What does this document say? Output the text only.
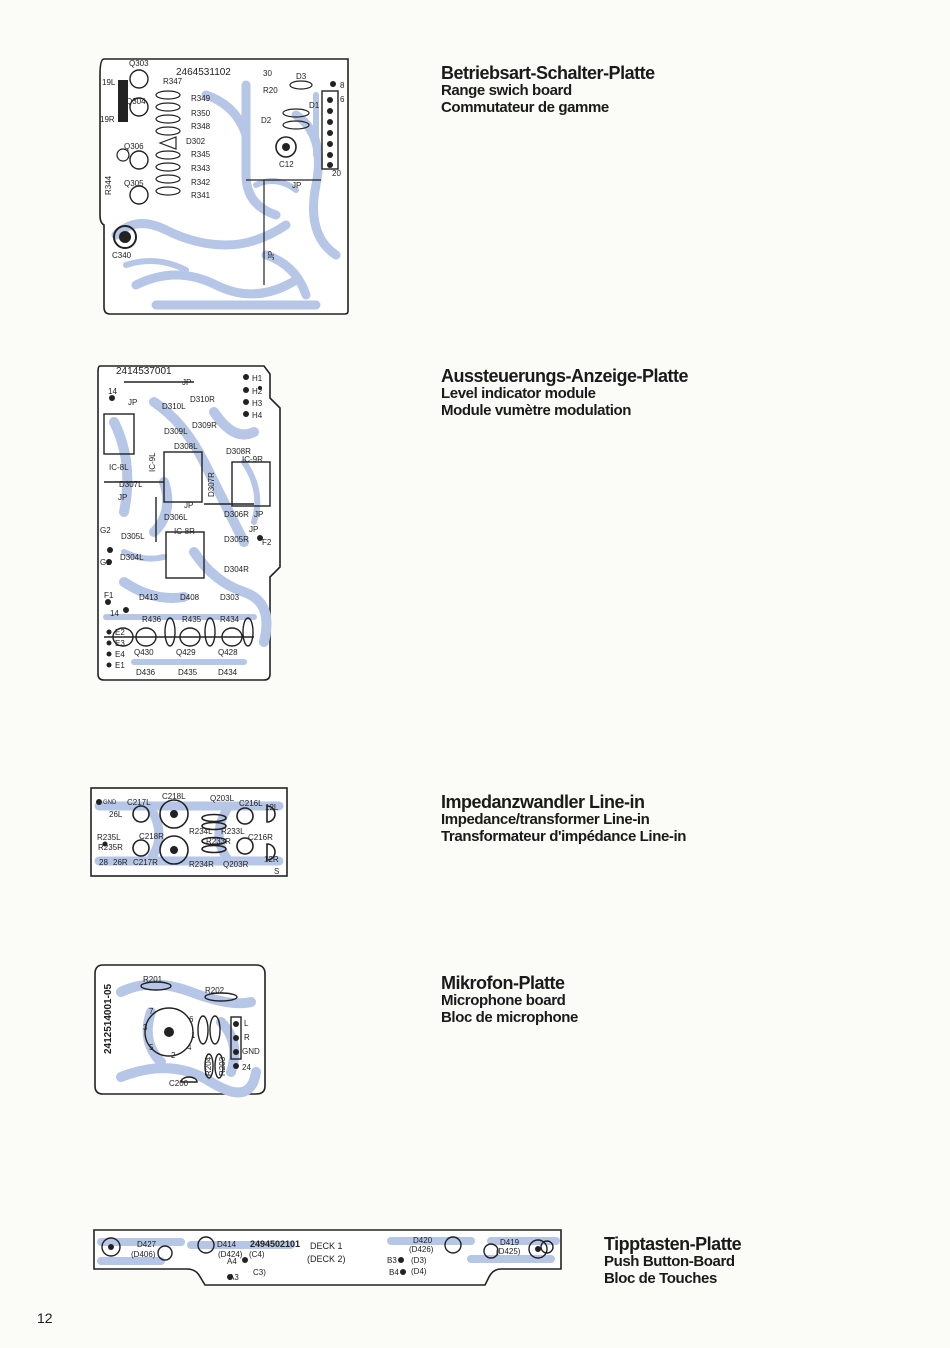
2464531102
Q303
R347
Q304	R349
R350
R348
Q306
D302
R345
R343
R342
R341
Q305
19L
19R
30	D3
R20
D1
D2
C12
JP
8
6
20
C340
R344
JP
Betriebsart-Schalter-Platte
Range swich board
Commutateur de gamme
2414537001
JP	H1
H2
H3
H4
14
JP	D310L
D310R
D309L
D309R
D308L
D308R
IC-9R
IC-8L
D307L
JP
JP
D306L	D306R JP
IC-8R	JP
F2
G2
D305L	D305R
G1
D304L
D304R
F1	D413	D408	D303
14
R436	R435 R434
E2
E3
E4
E1
Q430	Q429	Q428
D436	D435	D434
IC-9L
D307R
Aussteuerungs-Anzeige-Platte
Level indicator module
Module vumètre modulation
GND C217L
C218L	Q203L
C216L 12L
26L
R235L C218R
R234L R233L
C216R
R235R
R233R
28 26R C217R	R234R Q203R
12R
S
Impedanzwandler Line-in
Impedance/transformer Line-in
Transformateur d'impédance Line-in
R201
R202
L
R
GND
24
C200
7
3
5
2
8
6
1
4
R204 R203
2412514001-05
Mikrofon-Platte
Microphone board
Bloc de microphone
D427
(D406)
D414
(D424) (C4)
A4
A3
C3)
DECK 1
(DECK 2)
D420
(D426)
B3 (D3)
B4 (D4)
D419
(D425)
2494502101	Tipptasten-Platte
Push Button-Board
Bloc de Touches
12
